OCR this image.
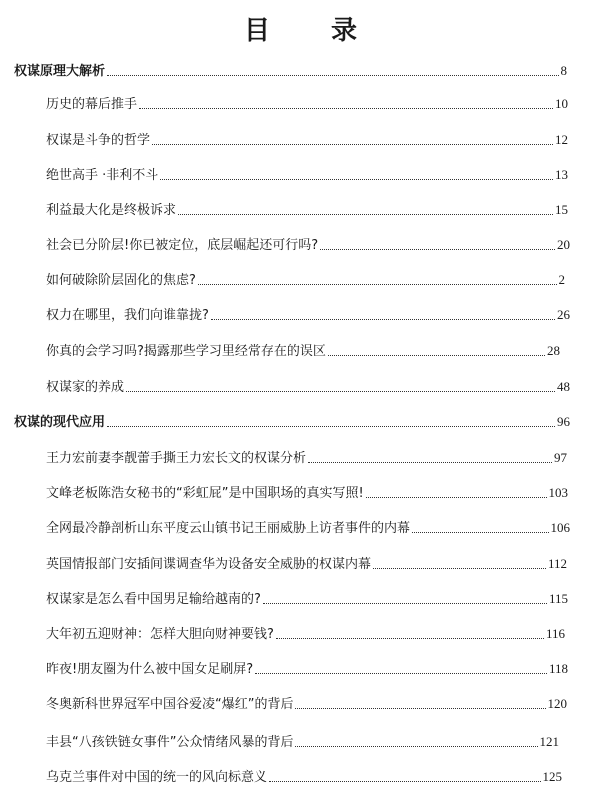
目 录
权谋原理大解析	8
历史的幕后推手	10
权谋是斗争的哲学	12
绝世高手 ·非利不斗	13
利益最大化是终极诉求	15
社会已分阶层!你已被定位，底层崛起还可行吗?	20
如何破除阶层固化的焦虑?	2
权力在哪里，我们向谁靠拢?	26
你真的会学习吗?揭露那些学习里经常存在的误区	28
权谋家的养成	48
权谋的现代应用	96
王力宏前妻李靓蕾手撕王力宏长文的权谋分析	97
文峰老板陈浩女秘书的“彩虹屁”是中国职场的真实写照!	103
全网最冷静剖析山东平度云山镇书记王丽威胁上访者事件的内幕	106
英国情报部门安插间谍调查华为设备安全威胁的权谋内幕	112
权谋家是怎么看中国男足输给越南的?	115
大年初五迎财神：怎样大胆向财神要钱?	116
昨夜!朋友圈为什么被中国女足刷屏?	118
冬奥新科世界冠军中国谷爱凌“爆红”的背后	120
丰县“八孩铁链女事件”公众情绪风暴的背后	121
乌克兰事件对中国的统一的风向标意义	125
